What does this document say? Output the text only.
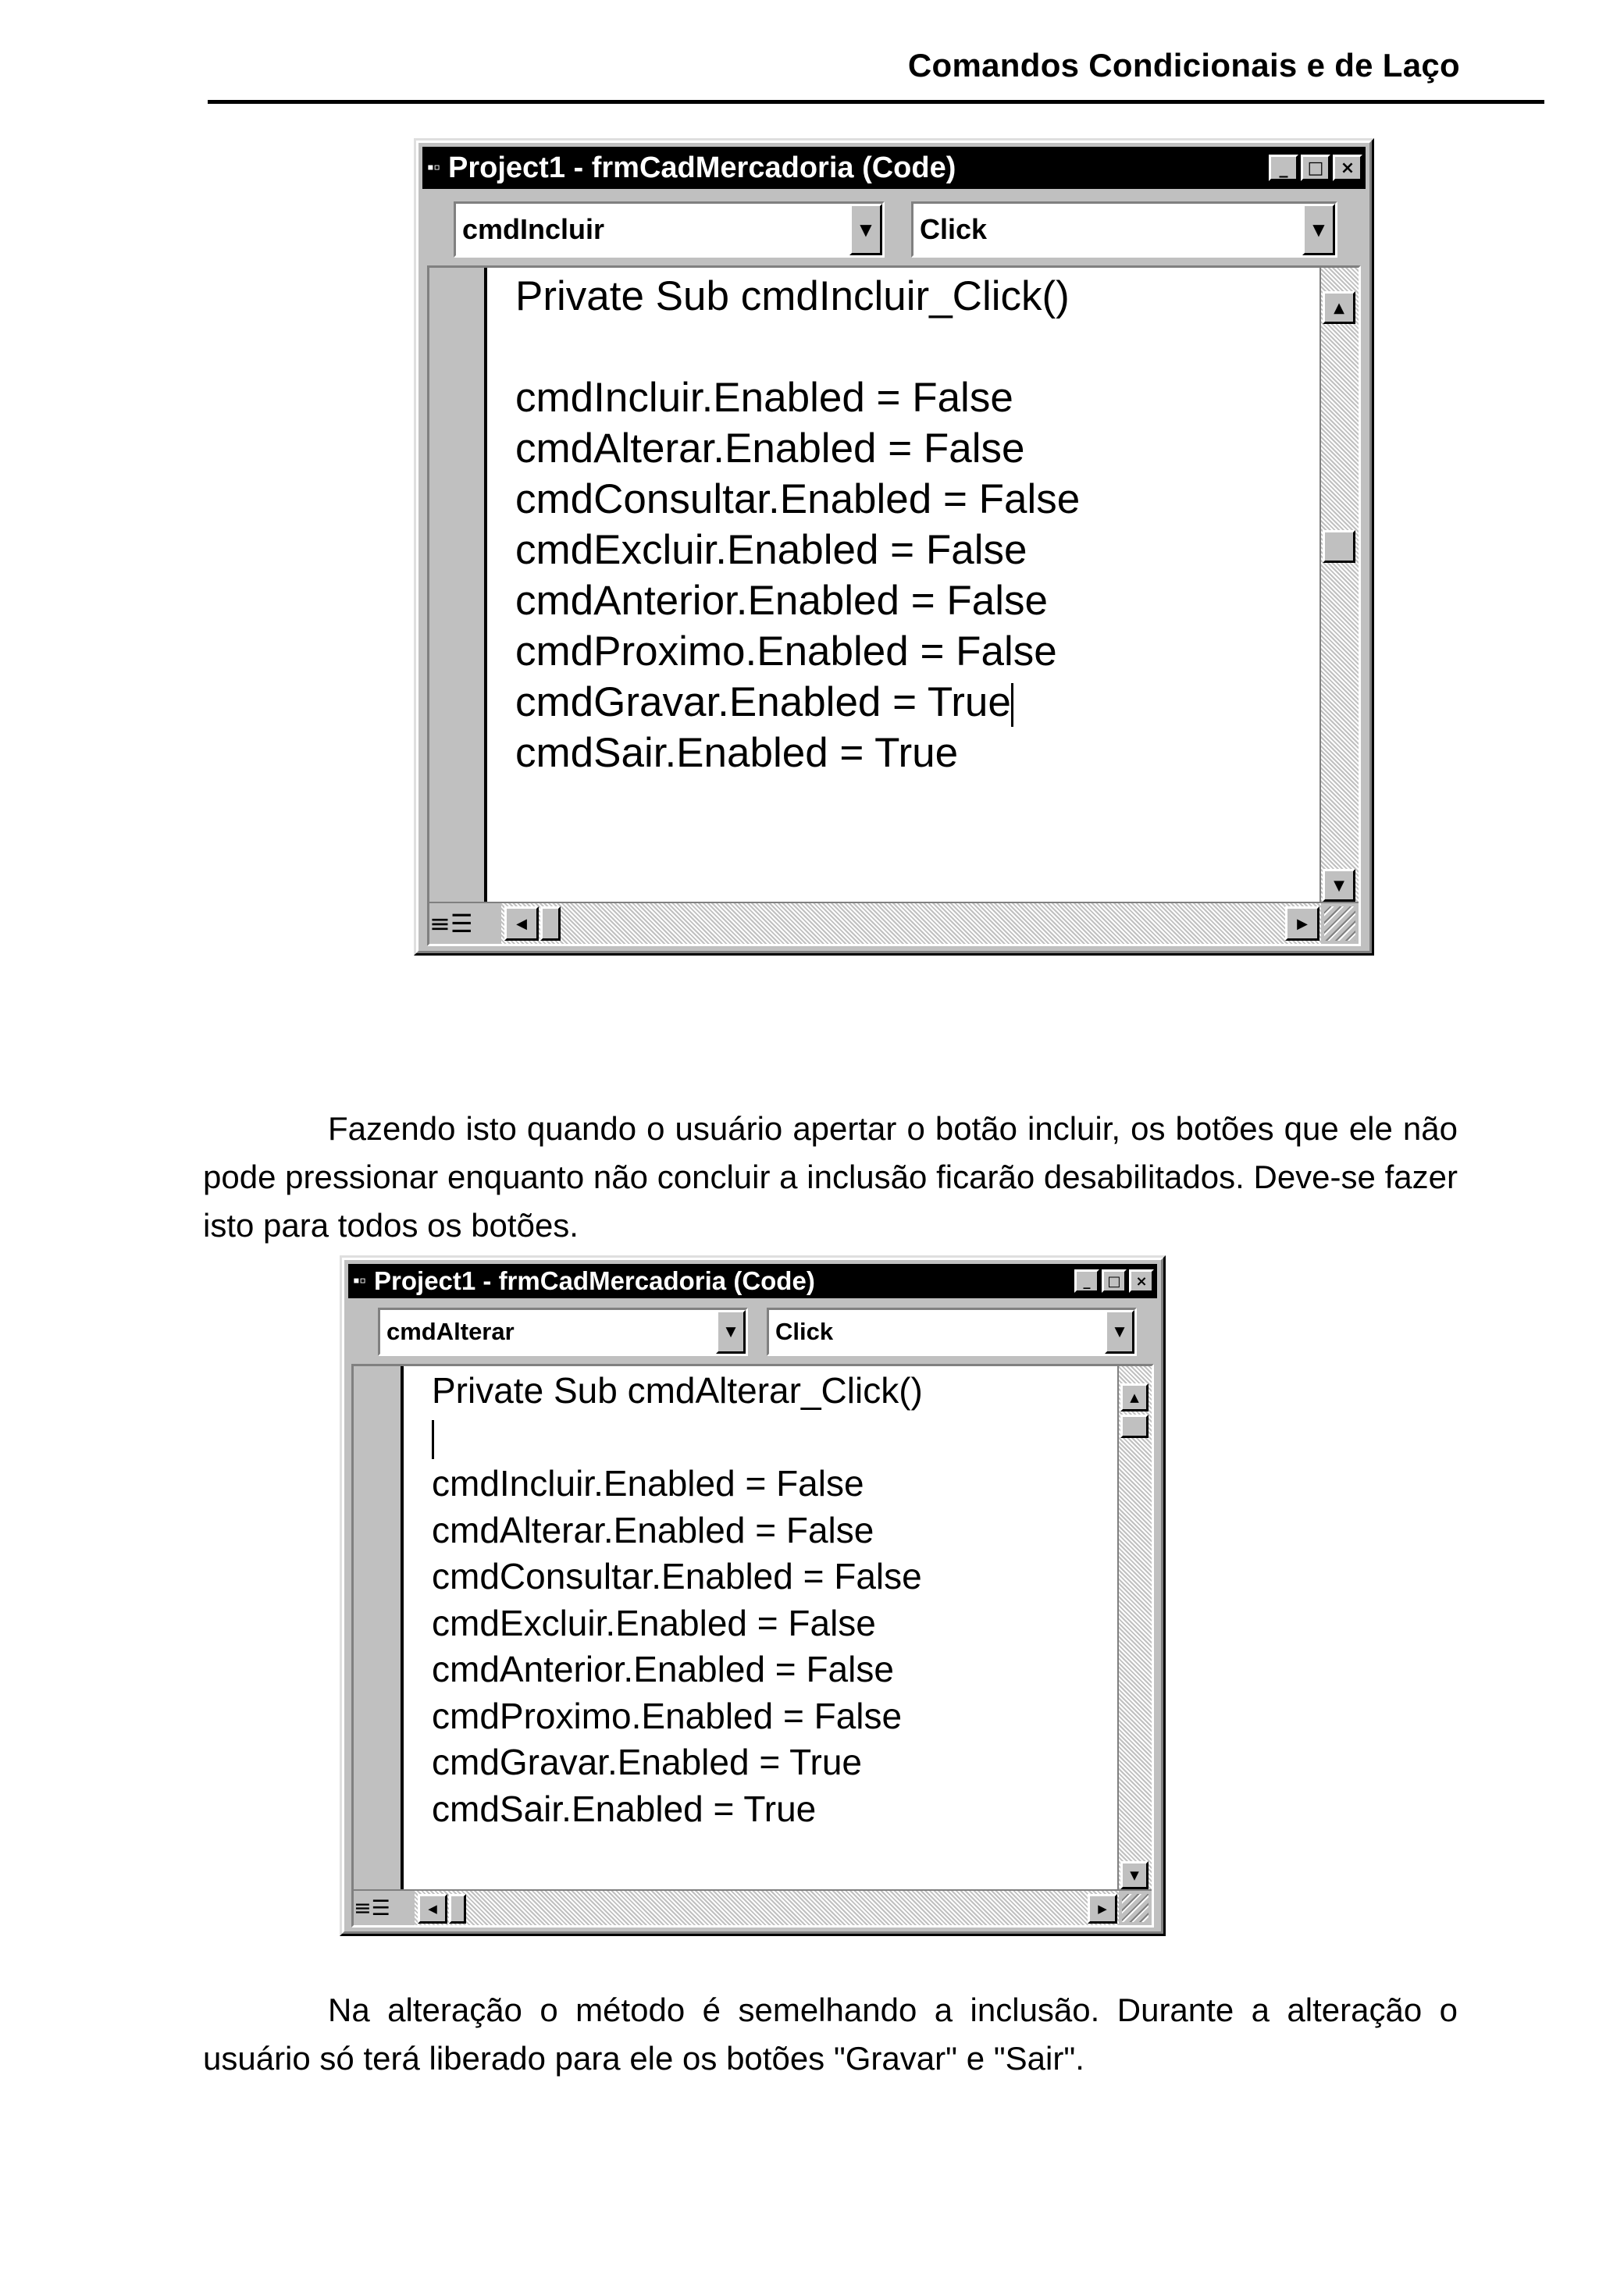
Comandos Condicionais e de Laço
▪▫ Project1 - frmCadMercadoria (Code)	_	□ ×
cmdIncluir	▼	Click	▼
Private Sub cmdIncluir_Click()
cmdIncluir.Enabled = False
cmdAlterar.Enabled = False
cmdConsultar.Enabled = False
cmdExcluir.Enabled = False
cmdAnterior.Enabled = False
cmdProximo.Enabled = False
cmdGravar.Enabled = True
cmdSair.Enabled = True
▲
▼
≡☰	◀	▶

Fazendo isto quando o usuário apertar o botão incluir, os botões que ele não pode pressionar enquanto não concluir a inclusão ficarão desabilitados. Deve-se fazer isto para todos os botões.

▪▫ Project1 - frmCadMercadoria (Code)	_	□	×
cmdAlterar	▼	Click	▼
Private Sub cmdAlterar_Click()
cmdIncluir.Enabled = False
cmdAlterar.Enabled = False
cmdConsultar.Enabled = False
cmdExcluir.Enabled = False
cmdAnterior.Enabled = False
cmdProximo.Enabled = False
cmdGravar.Enabled = True
cmdSair.Enabled = True
▲
▼
≡☰	◀	▶

Na alteração o método é semelhando a inclusão. Durante a alteração o usuário só terá liberado para ele os botões "Gravar" e "Sair".
